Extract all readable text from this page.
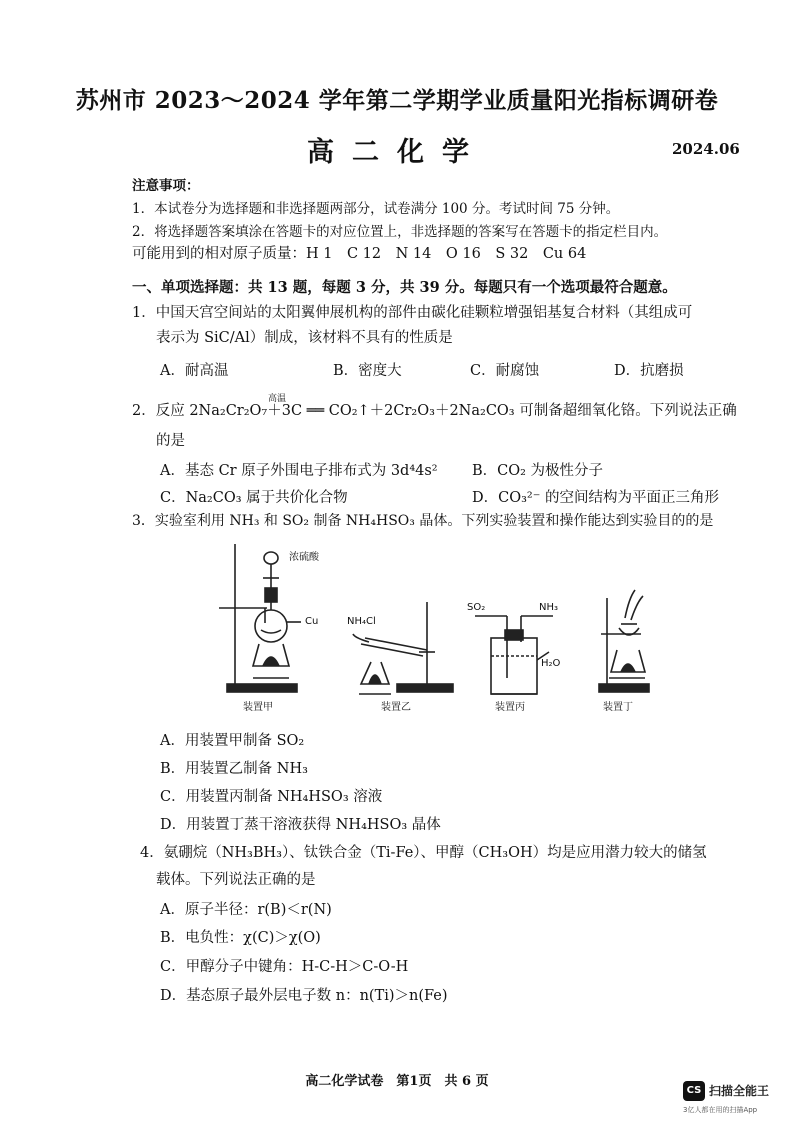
苏州市 2023～2024 学年第二学期学业质量阳光指标调研卷
高二化学	2024.06
注意事项：
1．本试卷分为选择题和非选择题两部分，试卷满分 100 分。考试时间 75 分钟。
2．将选择题答案填涂在答题卡的对应位置上，非选择题的答案写在答题卡的指定栏目内。
可能用到的相对原子质量：H 1　C 12　N 14　O 16　S 32　Cu 64
一、单项选择题：共 13 题，每题 3 分，共 39 分。每题只有一个选项最符合题意。
1．中国天宫空间站的太阳翼伸展机构的部件由碳化硅颗粒增强铝基复合材料（其组成可
表示为 SiC/Al）制成，该材料不具有的性质是
A．耐高温	B．密度大	C．耐腐蚀	D．抗磨损
高温
2．反应 2Na₂Cr₂O₇＋3C ══ CO₂↑＋2Cr₂O₃＋2Na₂CO₃ 可制备超细氧化铬。下列说法正确
的是
A．基态 Cr 原子外围电子排布式为 3d⁴4s² B．CO₂ 为极性分子
C．Na₂CO₃ 属于共价化合物	D．CO₃²⁻ 的空间结构为平面正三角形
3．实验室利用 NH₃ 和 SO₂ 制备 NH₄HSO₃ 晶体。下列实验装置和操作能达到实验目的的是
浓硫酸
Cu	NH₄Cl
SO₂	NH₃
H₂O
装置甲	装置乙	装置丙	装置丁
A．用装置甲制备 SO₂
B．用装置乙制备 NH₃
C．用装置丙制备 NH₄HSO₃ 溶液
D．用装置丁蒸干溶液获得 NH₄HSO₃ 晶体
4．氨硼烷（NH₃BH₃）、钛铁合金（Ti-Fe）、甲醇（CH₃OH）均是应用潜力较大的储氢
载体。下列说法正确的是
A．原子半径：r(B)＜r(N)
B．电负性：χ(C)＞χ(O)
C．甲醇分子中键角：H-C-H＞C-O-H
D．基态原子最外层电子数 n：n(Ti)＞n(Fe)
高二化学试卷　第1页　共 6 页
CS 扫描全能王
3亿人都在用的扫描App
